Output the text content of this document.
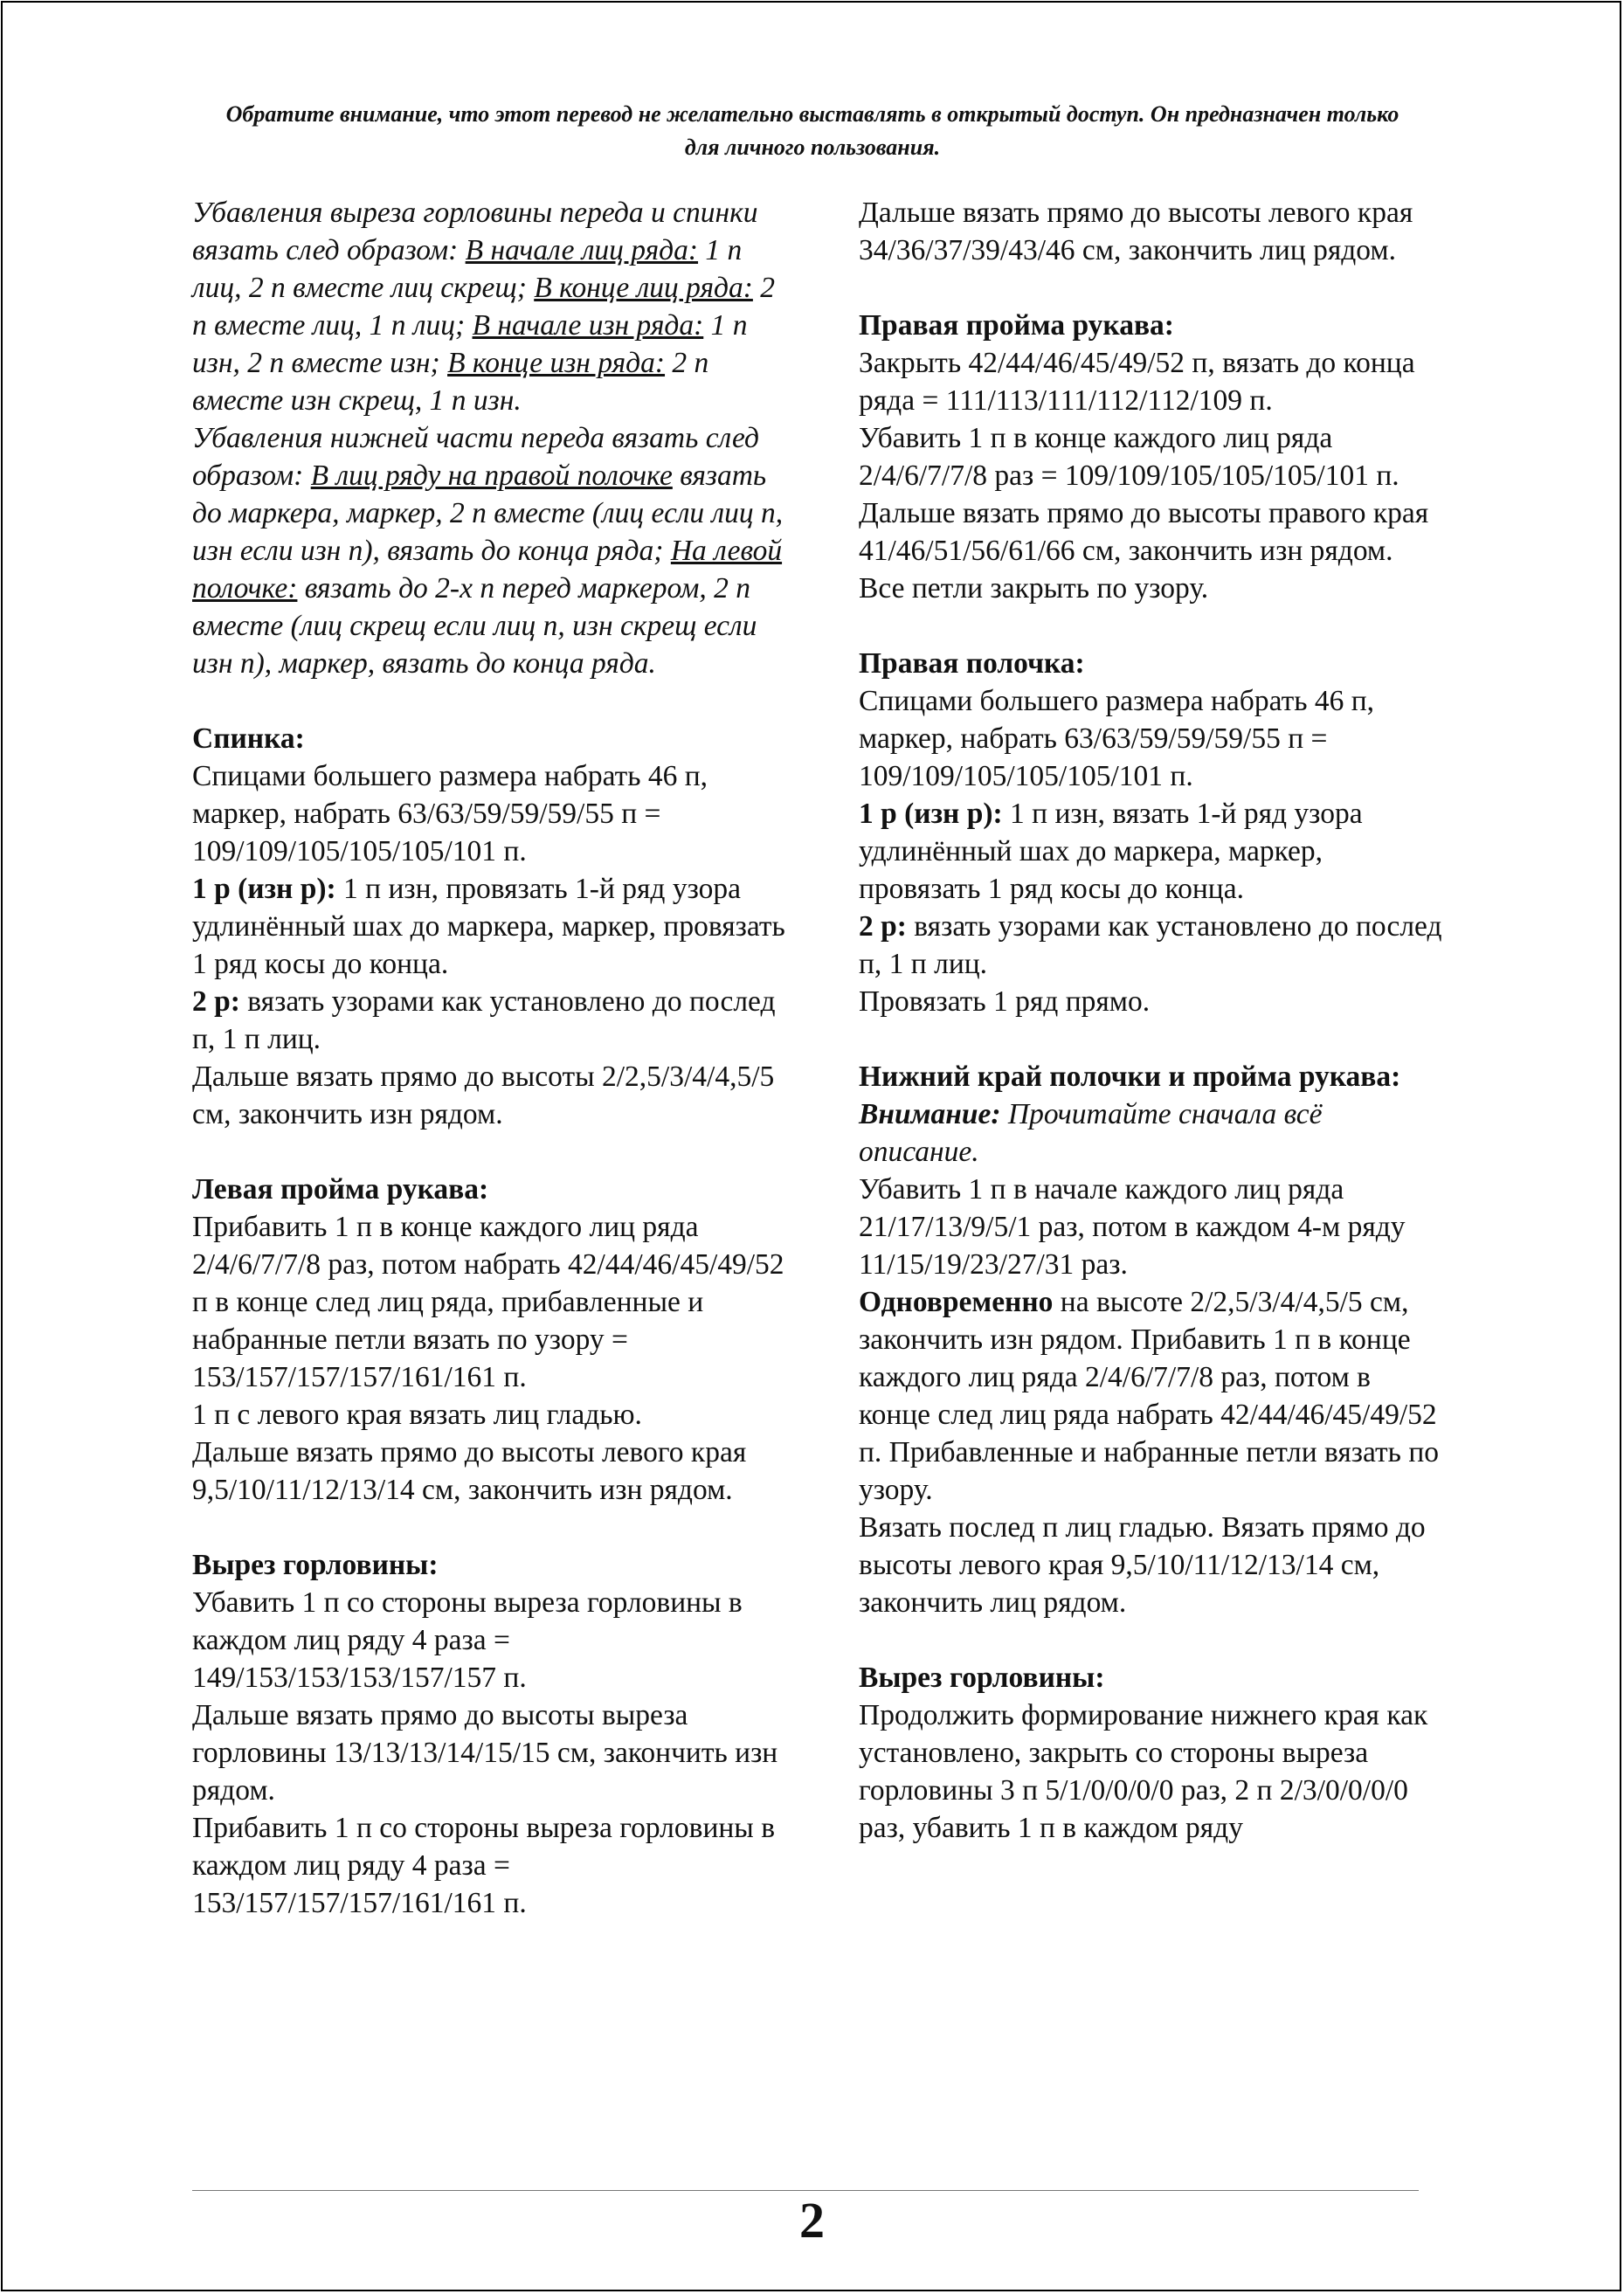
Обратите внимание, что этот перевод не желательно выставлять в открытый доступ. Он предназначен только для личного пользования.

Убавления выреза горловины переда и спинки вязать след образом: В начале лиц ряда: 1 п лиц, 2 п вместе лиц скрещ; В конце лиц ряда: 2 п вместе лиц, 1 п лиц; В начале изн ряда: 1 п изн, 2 п вместе изн; В конце изн ряда: 2 п вместе изн скрещ, 1 п изн.

Убавления нижней части переда вязать след образом: В лиц ряду на правой полочке вязать до маркера, маркер, 2 п вместе (лиц если лиц п, изн если изн п), вязать до конца ряда; На левой полочке: вязать до 2-х п перед маркером, 2 п вместе (лиц скрещ если лиц п, изн скрещ если изн п), маркер, вязать до конца ряда.

Спинка:

Спицами большего размера набрать 46 п, маркер, набрать 63/63/59/59/59/55 п = 109/109/105/105/105/101 п.

1 р (изн р): 1 п изн, провязать 1-й ряд узора удлинённый шах до маркера, маркер, провязать 1 ряд косы до конца.

2 р: вязать узорами как установлено до послед п, 1 п лиц.

Дальше вязать прямо до высоты 2/2,5/3/4/4,5/5 см, закончить изн рядом.

Левая пройма рукава:

Прибавить 1 п в конце каждого лиц ряда 2/4/6/7/7/8 раз, потом набрать 42/44/46/45/49/52 п в конце след лиц ряда, прибавленные и набранные петли вязать по узору = 153/157/157/157/161/161 п.

1 п с левого края вязать лиц гладью.

Дальше вязать прямо до высоты левого края 9,5/10/11/12/13/14 см, закончить изн рядом.

Вырез горловины:

Убавить 1 п со стороны выреза горловины в каждом лиц ряду 4 раза = 149/153/153/153/157/157 п.

Дальше вязать прямо до высоты выреза горловины 13/13/13/14/15/15 см, закончить изн рядом.

Прибавить 1 п со стороны выреза горловины в каждом лиц ряду 4 раза = 153/157/157/157/161/161 п.

Дальше вязать прямо до высоты левого края 34/36/37/39/43/46 см, закончить лиц рядом.

Правая пройма рукава:

Закрыть 42/44/46/45/49/52 п, вязать до конца ряда = 111/113/111/112/112/109 п.

Убавить 1 п в конце каждого лиц ряда 2/4/6/7/7/8 раз = 109/109/105/105/105/101 п.

Дальше вязать прямо до высоты правого края 41/46/51/56/61/66 см, закончить изн рядом.

Все петли закрыть по узору.

Правая полочка:

Спицами большего размера набрать 46 п, маркер, набрать 63/63/59/59/59/55 п = 109/109/105/105/105/101 п.

1 р (изн р): 1 п изн, вязать 1-й ряд узора удлинённый шах до маркера, маркер, провязать 1 ряд косы до конца.

2 р: вязать узорами как установлено до послед п, 1 п лиц.

Провязать 1 ряд прямо.

Нижний край полочки и пройма рукава:

Внимание: Прочитайте сначала всё описание.

Убавить 1 п в начале каждого лиц ряда 21/17/13/9/5/1 раз, потом в каждом 4-м ряду 11/15/19/23/27/31 раз.

Одновременно на высоте 2/2,5/3/4/4,5/5 см, закончить изн рядом. Прибавить 1 п в конце каждого лиц ряда 2/4/6/7/7/8 раз, потом в конце след лиц ряда набрать 42/44/46/45/49/52 п. Прибавленные и набранные петли вязать по узору.

Вязать послед п лиц гладью. Вязать прямо до высоты левого края 9,5/10/11/12/13/14 см, закончить лиц рядом.

Вырез горловины:

Продолжить формирование нижнего края как установлено, закрыть со стороны выреза горловины 3 п 5/1/0/0/0/0 раз, 2 п 2/3/0/0/0/0 раз, убавить 1 п в каждом ряду

2
